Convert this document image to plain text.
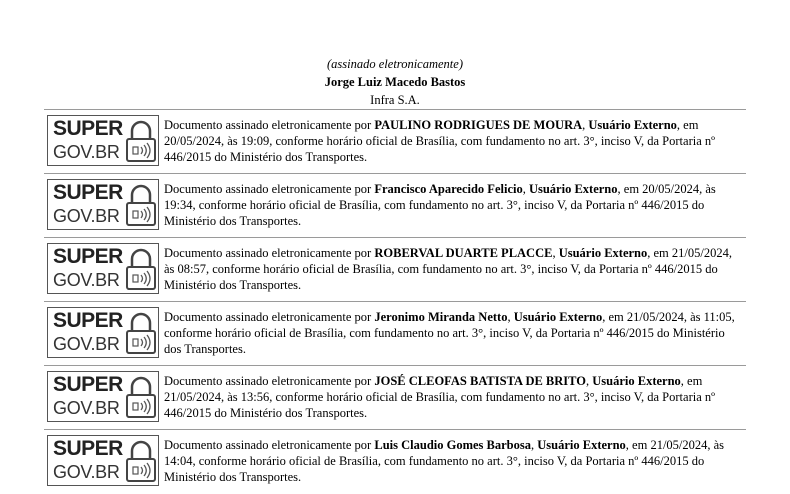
(assinado eletronicamente)
Jorge Luiz Macedo Bastos
Infra S.A.
SUPER
GOV.BR
Documento assinado eletronicamente por PAULINO RODRIGUES DE MOURA, Usuário Externo, em 20/05/2024, às 19:09, conforme horário oficial de Brasília, com fundamento no art. 3°, inciso V, da Portaria nº 446/2015 do Ministério dos Transportes.
SUPER
GOV.BR
Documento assinado eletronicamente por Francisco Aparecido Felicio, Usuário Externo, em 20/05/2024, às 19:34, conforme horário oficial de Brasília, com fundamento no art. 3°, inciso V, da Portaria nº 446/2015 do Ministério dos Transportes.
SUPER
GOV.BR
Documento assinado eletronicamente por ROBERVAL DUARTE PLACCE, Usuário Externo, em 21/05/2024, às 08:57, conforme horário oficial de Brasília, com fundamento no art. 3°, inciso V, da Portaria nº 446/2015 do Ministério dos Transportes.
SUPER
GOV.BR
Documento assinado eletronicamente por Jeronimo Miranda Netto, Usuário Externo, em 21/05/2024, às 11:05, conforme horário oficial de Brasília, com fundamento no art. 3°, inciso V, da Portaria nº 446/2015 do Ministério dos Transportes.
SUPER
GOV.BR
Documento assinado eletronicamente por JOSÉ CLEOFAS BATISTA DE BRITO, Usuário Externo, em 21/05/2024, às 13:56, conforme horário oficial de Brasília, com fundamento no art. 3°, inciso V, da Portaria nº 446/2015 do Ministério dos Transportes.
SUPER
GOV.BR
Documento assinado eletronicamente por Luis Claudio Gomes Barbosa, Usuário Externo, em 21/05/2024, às 14:04, conforme horário oficial de Brasília, com fundamento no art. 3°, inciso V, da Portaria nº 446/2015 do Ministério dos Transportes.
